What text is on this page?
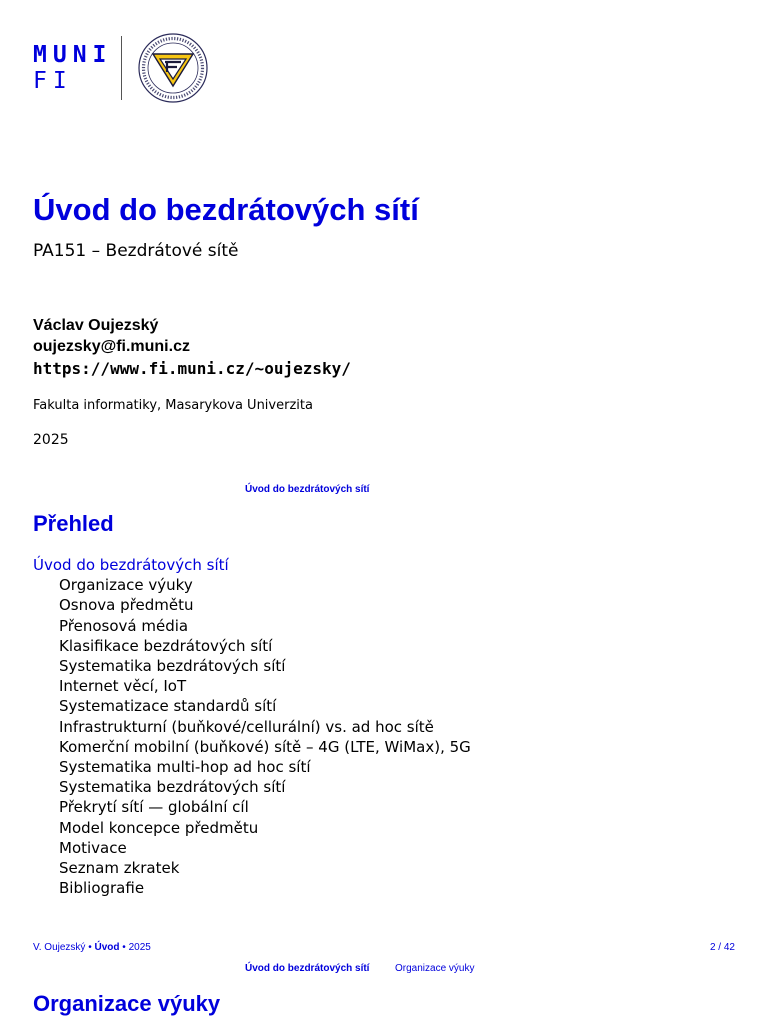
MUNI
FI
Úvod do bezdrátových sítí
PA151 – Bezdrátové sítě
Václav Oujezský
oujezsky@fi.muni.cz
https://www.fi.muni.cz/~oujezsky/
Fakulta informatiky, Masarykova Univerzita
2025
Úvod do bezdrátových sítí
Přehled
Úvod do bezdrátových sítí
Organizace výuky
Osnova předmětu
Přenosová média
Klasifikace bezdrátových sítí
Systematika bezdrátových sítí
Internet věcí, IoT
Systematizace standardů sítí
Infrastrukturní (buňkové/cellurální) vs. ad hoc sítě
Komerční mobilní (buňkové) sítě – 4G (LTE, WiMax), 5G
Systematika multi-hop ad hoc sítí
Systematika bezdrátových sítí
Překrytí sítí — globální cíl
Model koncepce předmětu
Motivace
Seznam zkratek
Bibliografie
V. Oujezský • Úvod • 2025	2 / 42
Úvod do bezdrátových sítí	Organizace výuky
Organizace výuky
